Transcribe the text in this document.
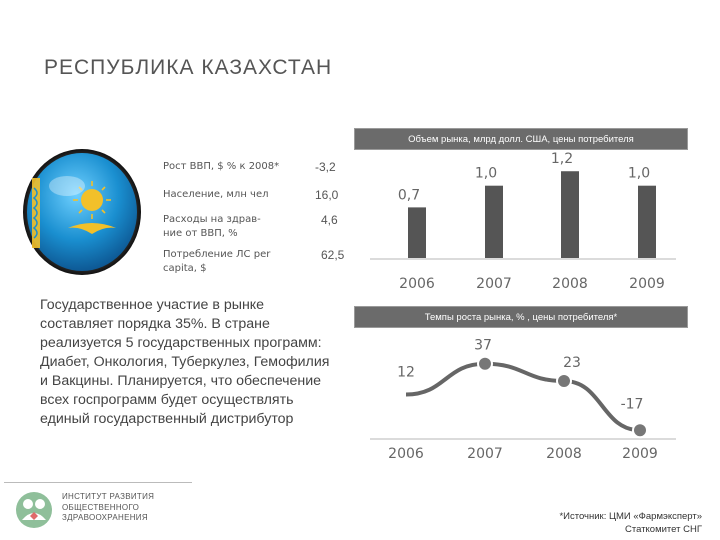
РЕСПУБЛИКА КАЗАХСТАН
Рост ВВП, $ % к 2008*	-3,2
Население, млн чел	16,0
Расходы на здрав-
ние от ВВП, %
4,6
Потребление ЛС per
capita, $
62,5
Государственное участие в рынке составляет порядка 35%. В стране реализуется 5 государственных программ: Диабет, Онкология, Туберкулез, Гемофилия и Вакцины. Планируется, что обеспечение всех госпрограмм будет осуществлять единый государственный дистрибутор
ИНСТИТУТ РАЗВИТИЯ
ОБЩЕСТВЕННОГО
ЗДРАВООХРАНЕНИЯ
Объем рынка, млрд долл. США, цены потребителя
0,7
2006
1,0
2007
1,2
2008
1,0
2009
Темпы роста рынка, % , цены потребителя*
12
2006
37
2007
23
2008
-17
2009
*Источник: ЦМИ «Фармэксперт»
Статкомитет СНГ
